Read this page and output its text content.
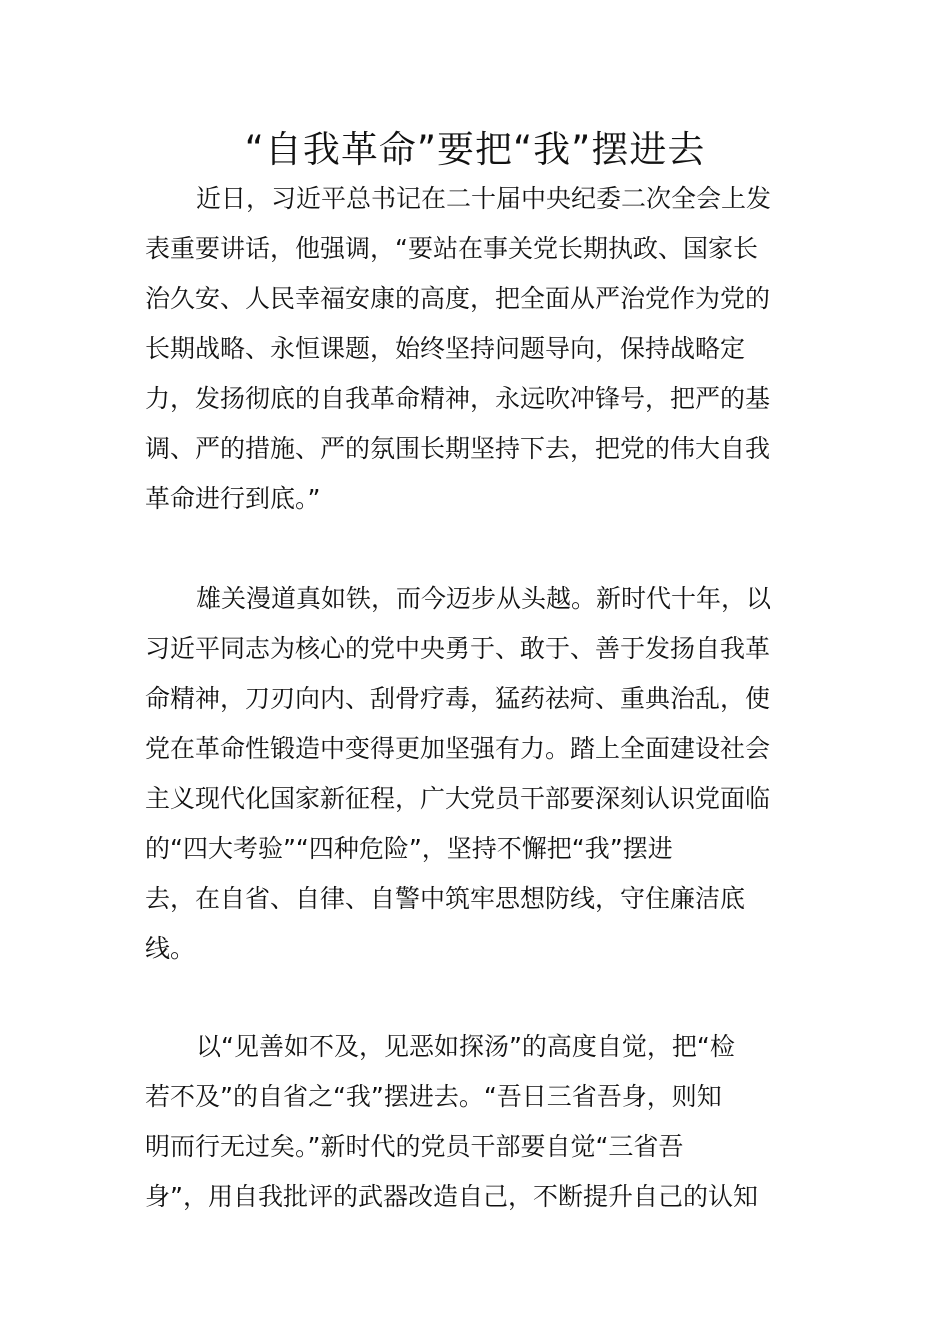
“自我革命”要把“我”摆进去
近日，习近平总书记在二十届中央纪委二次全会上发
表重要讲话，他强调，“要站在事关党长期执政、国家长
治久安、人民幸福安康的高度，把全面从严治党作为党的
长期战略、永恒课题，始终坚持问题导向，保持战略定
力，发扬彻底的自我革命精神，永远吹冲锋号，把严的基
调、严的措施、严的氛围长期坚持下去，把党的伟大自我
革命进行到底。”
雄关漫道真如铁，而今迈步从头越。新时代十年，以
习近平同志为核心的党中央勇于、敢于、善于发扬自我革
命精神，刀刃向内、刮骨疗毒，猛药祛疴、重典治乱，使
党在革命性锻造中变得更加坚强有力。踏上全面建设社会
主义现代化国家新征程，广大党员干部要深刻认识党面临
的“四大考验”“四种危险”，坚持不懈把“我”摆进
去，在自省、自律、自警中筑牢思想防线，守住廉洁底
线。
以“见善如不及，见恶如探汤”的高度自觉，把“检
若不及”的自省之“我”摆进去。“吾日三省吾身，则知
明而行无过矣。”新时代的党员干部要自觉“三省吾
身”，用自我批评的武器改造自己，不断提升自己的认知
